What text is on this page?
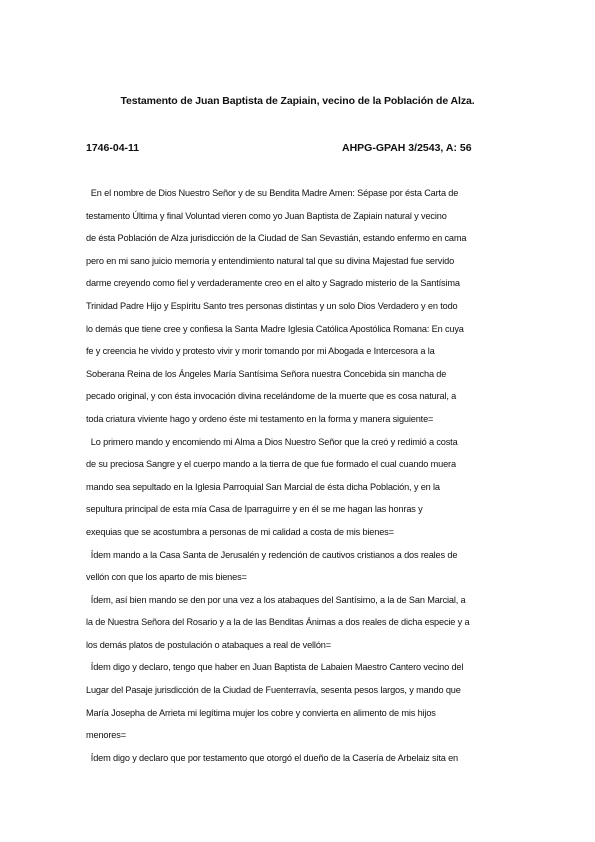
Testamento de Juan Baptista de Zapiain, vecino de la Población de Alza.
1746-04-11	AHPG-GPAH 3/2543, A: 56
En el nombre de Dios Nuestro Señor y de su Bendita Madre Amen: Sépase por ésta Carta de
testamento Última y final Voluntad vieren como yo Juan Baptista de Zapiain natural y vecino
de ésta Población de Alza jurisdicción de la Ciudad de San Sevastián, estando enfermo en cama
pero en mi sano juicio memoria y entendimiento natural tal que su divina Majestad fue servido
darme creyendo como fiel y verdaderamente creo en el alto y Sagrado misterio de la Santísima
Trinidad Padre Hijo y Espíritu Santo tres personas distintas y un solo Dios Verdadero y en todo
lo demás que tiene cree y confiesa la Santa Madre Iglesia Católica Apostólica Romana: En cuya
fe y creencia he vivido y protesto vivir y morir tomando por mi Abogada e Intercesora a la
Soberana Reina de los Ángeles María Santísima Señora nuestra Concebida sin mancha de
pecado original, y con ésta invocación divina recelándome de la muerte que es cosa natural, a
toda criatura viviente hago y ordeno éste mi testamento en la forma y manera siguiente=
Lo primero mando y encomiendo mi Alma a Dios Nuestro Señor que la creó y redimió a costa
de su preciosa Sangre y el cuerpo mando a la tierra de que fue formado el cual cuando muera
mando sea sepultado en la Iglesia Parroquial San Marcial de ésta dicha Población, y en la
sepultura principal de esta mía Casa de Iparraguirre y en él se me hagan las honras y
exequias que se acostumbra a personas de mi calidad a costa de mis bienes=
Ídem mando a la Casa Santa de Jerusalén y redención de cautivos cristianos a dos reales de
vellón con que los aparto de mis bienes=
Ídem, así bien mando se den por una vez a los atabaques del Santísimo, a la de San Marcial, a
la de Nuestra Señora del Rosario y a la de las Benditas Ánimas a dos reales de dicha especie y a
los demás platos de postulación o atabaques a real de vellón=
Ídem digo y declaro, tengo que haber en Juan Baptista de Labaien Maestro Cantero vecino del
Lugar del Pasaje jurisdicción de la Ciudad de Fuenterravía, sesenta pesos largos, y mando que
María Josepha de Arrieta mi legítima mujer los cobre y convierta en alimento de mis hijos
menores=
Ídem digo y declaro que por testamento que otorgó el dueño de la Casería de Arbelaiz sita en
